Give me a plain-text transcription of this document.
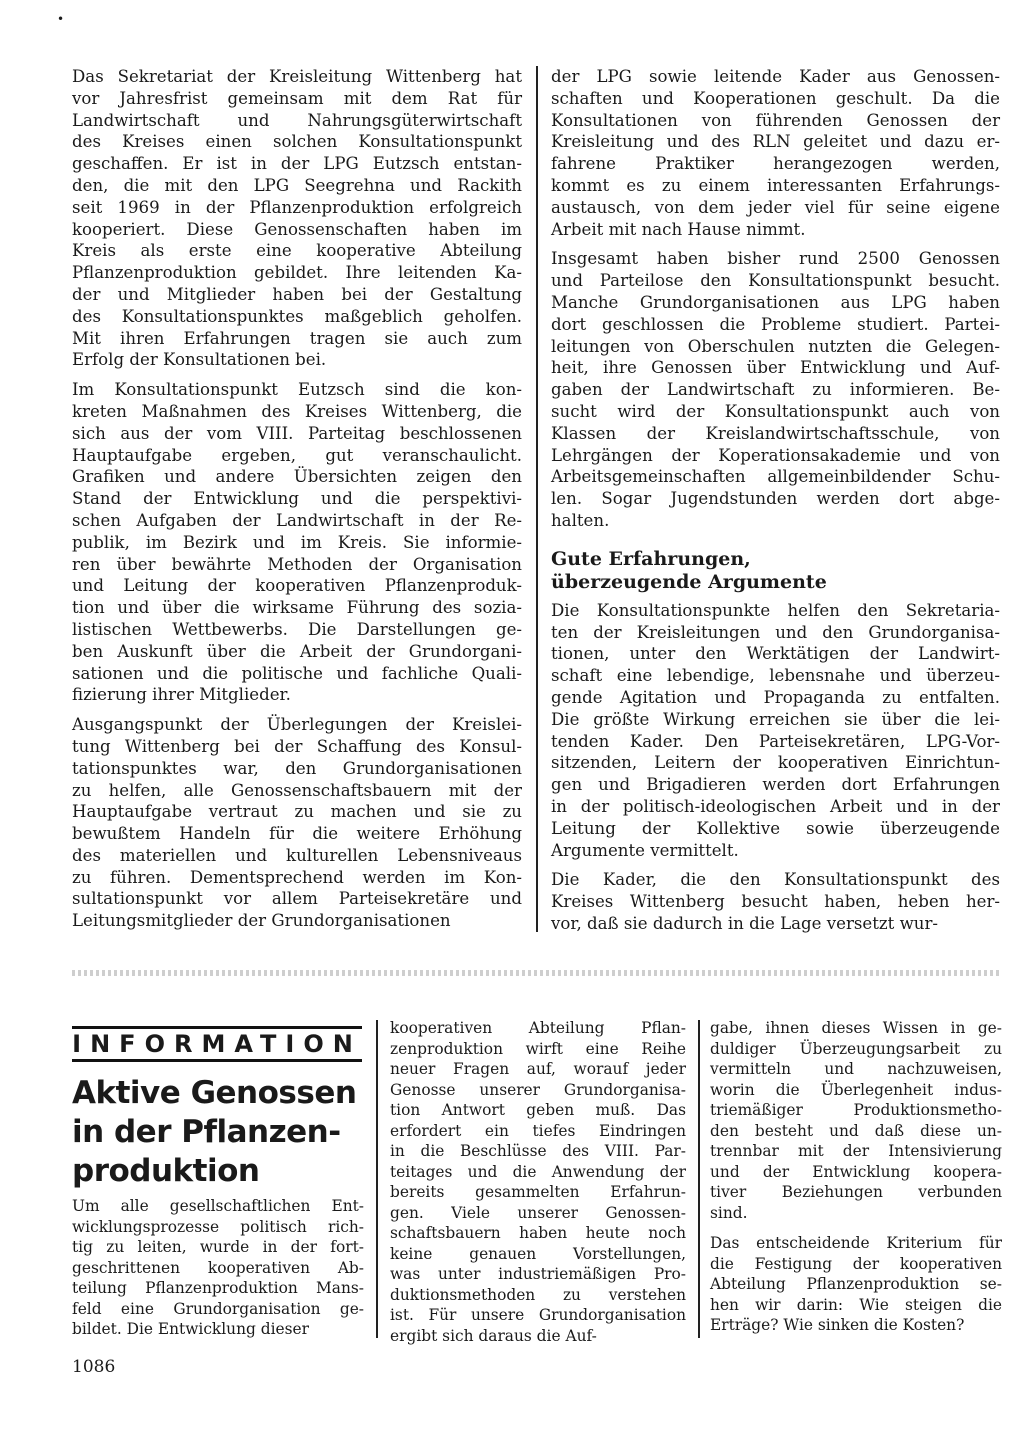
•

Das Sekretariat der Kreisleitung Wittenberg hat
vor Jahresfrist gemeinsam mit dem Rat für
Landwirtschaft und Nahrungsgüterwirtschaft
des Kreises einen solchen Konsultationspunkt
geschaffen. Er ist in der LPG Eutzsch entstan-
den, die mit den LPG Seegrehna und Rackith
seit 1969 in der Pflanzenproduktion erfolgreich
kooperiert. Diese Genossenschaften haben im
Kreis als erste eine kooperative Abteilung
Pflanzenproduktion gebildet. Ihre leitenden Ka-
der und Mitglieder haben bei der Gestaltung
des Konsultationspunktes maßgeblich geholfen.
Mit ihren Erfahrungen tragen sie auch zum
Erfolg der Konsultationen bei.

Im Konsultationspunkt Eutzsch sind die kon-
kreten Maßnahmen des Kreises Wittenberg, die
sich aus der vom VIII. Parteitag beschlossenen
Hauptaufgabe ergeben, gut veranschaulicht.
Grafiken und andere Übersichten zeigen den
Stand der Entwicklung und die perspektivi-
schen Aufgaben der Landwirtschaft in der Re-
publik, im Bezirk und im Kreis. Sie informie-
ren über bewährte Methoden der Organisation
und Leitung der kooperativen Pflanzenproduk-
tion und über die wirksame Führung des sozia-
listischen Wettbewerbs. Die Darstellungen ge-
ben Auskunft über die Arbeit der Grundorgani-
sationen und die politische und fachliche Quali-
fizierung ihrer Mitglieder.

Ausgangspunkt der Überlegungen der Kreislei-
tung Wittenberg bei der Schaffung des Konsul-
tationspunktes war, den Grundorganisationen
zu helfen, alle Genossenschaftsbauern mit der
Hauptaufgabe vertraut zu machen und sie zu
bewußtem Handeln für die weitere Erhöhung
des materiellen und kulturellen Lebensniveaus
zu führen. Dementsprechend werden im Kon-
sultationspunkt vor allem Parteisekretäre und
Leitungsmitglieder der Grundorganisationen

der LPG sowie leitende Kader aus Genossen-
schaften und Kooperationen geschult. Da die
Konsultationen von führenden Genossen der
Kreisleitung und des RLN geleitet und dazu er-
fahrene Praktiker herangezogen werden,
kommt es zu einem interessanten Erfahrungs-
austausch, von dem jeder viel für seine eigene
Arbeit mit nach Hause nimmt.

Insgesamt haben bisher rund 2500 Genossen
und Parteilose den Konsultationspunkt besucht.
Manche Grundorganisationen aus LPG haben
dort geschlossen die Probleme studiert. Partei-
leitungen von Oberschulen nutzten die Gelegen-
heit, ihre Genossen über Entwicklung und Auf-
gaben der Landwirtschaft zu informieren. Be-
sucht wird der Konsultationspunkt auch von
Klassen der Kreislandwirtschaftsschule, von
Lehrgängen der Koperationsakademie und von
Arbeitsgemeinschaften allgemeinbildender Schu-
len. Sogar Jugendstunden werden dort abge-
halten.

Gute Erfahrungen,
überzeugende Argumente

Die Konsultationspunkte helfen den Sekretaria-
ten der Kreisleitungen und den Grundorganisa-
tionen, unter den Werktätigen der Landwirt-
schaft eine lebendige, lebensnahe und überzeu-
gende Agitation und Propaganda zu entfalten.
Die größte Wirkung erreichen sie über die lei-
tenden Kader. Den Parteisekretären, LPG-Vor-
sitzenden, Leitern der kooperativen Einrichtun-
gen und Brigadieren werden dort Erfahrungen
in der politisch-ideologischen Arbeit und in der
Leitung der Kollektive sowie überzeugende
Argumente vermittelt.

Die Kader, die den Konsultationspunkt des
Kreises Wittenberg besucht haben, heben her-
vor, daß sie dadurch in die Lage versetzt wur-

INFORMATION
Aktive Genossen
in der Pflanzen-
produktion

Um alle gesellschaftlichen Ent-
wicklungsprozesse politisch rich-
tig zu leiten, wurde in der fort-
geschrittenen kooperativen Ab-
teilung Pflanzenproduktion Mans-
feld eine Grundorganisation ge-
bildet. Die Entwicklung dieser

kooperativen Abteilung Pflan-
zenproduktion wirft eine Reihe
neuer Fragen auf, worauf jeder
Genosse unserer Grundorganisa-
tion Antwort geben muß. Das
erfordert ein tiefes Eindringen
in die Beschlüsse des VIII. Par-
teitages und die Anwendung der
bereits gesammelten Erfahrun-
gen. Viele unserer Genossen-
schaftsbauern haben heute noch
keine genauen Vorstellungen,
was unter industriemäßigen Pro-
duktionsmethoden zu verstehen
ist. Für unsere Grundorganisation
ergibt sich daraus die Auf-

gabe, ihnen dieses Wissen in ge-
duldiger Überzeugungsarbeit zu
vermitteln und nachzuweisen,
worin die Überlegenheit indus-
triemäßiger Produktionsmetho-
den besteht und daß diese un-
trennbar mit der Intensivierung
und der Entwicklung koopera-
tiver Beziehungen verbunden
sind.

Das entscheidende Kriterium für
die Festigung der kooperativen
Abteilung Pflanzenproduktion se-
hen wir darin: Wie steigen die
Erträge? Wie sinken die Kosten?

1086
